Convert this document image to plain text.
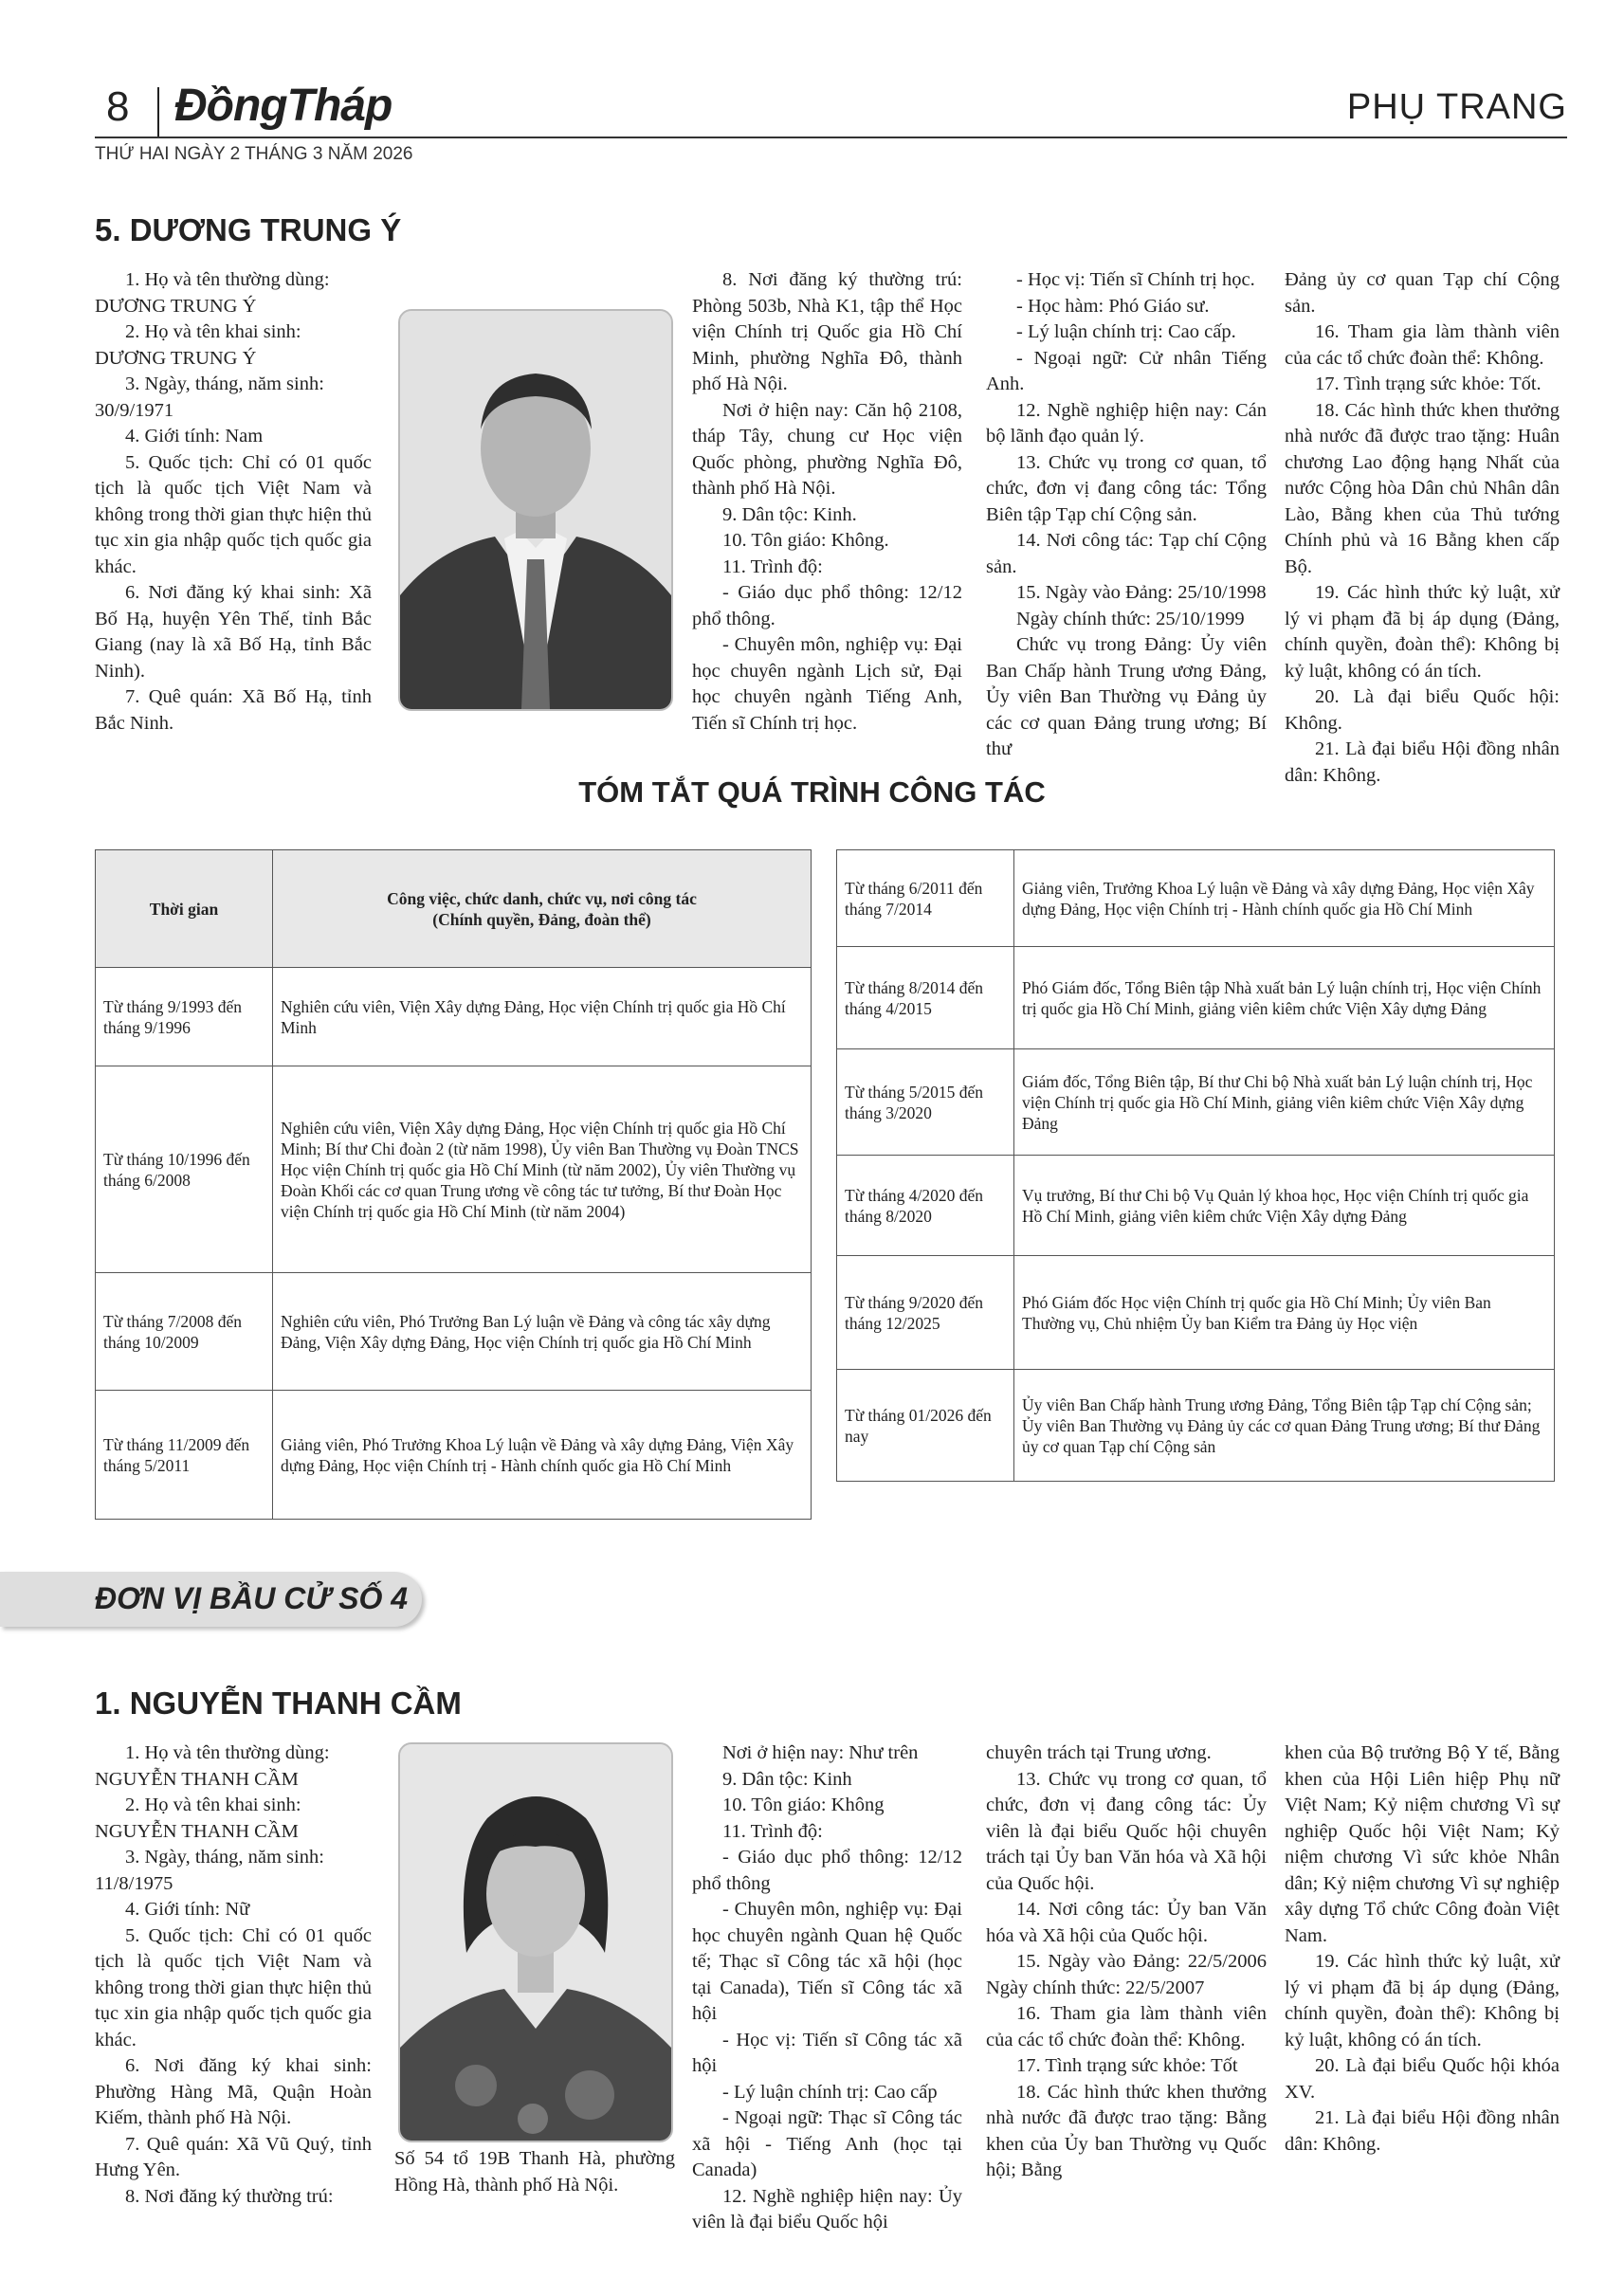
8 ĐồngTháp	PHỤ TRANG
THỨ HAI NGÀY 2 THÁNG 3 NĂM 2026
5. DƯƠNG TRUNG Ý

1. Họ và tên thường dùng:

DƯƠNG TRUNG Ý

2. Họ và tên khai sinh:

DƯƠNG TRUNG Ý

3. Ngày, tháng, năm sinh:

30/9/1971

4. Giới tính: Nam

5. Quốc tịch: Chỉ có 01 quốc tịch là quốc tịch Việt Nam và không trong thời gian thực hiện thủ tục xin gia nhập quốc tịch quốc gia khác.

6. Nơi đăng ký khai sinh: Xã Bố Hạ, huyện Yên Thế, tỉnh Bắc Giang (nay là xã Bố Hạ, tỉnh Bắc Ninh).

7. Quê quán: Xã Bố Hạ, tỉnh Bắc Ninh.

8. Nơi đăng ký thường trú: Phòng 503b, Nhà K1, tập thể Học viện Chính trị Quốc gia Hồ Chí Minh, phường Nghĩa Đô, thành phố Hà Nội.

Nơi ở hiện nay: Căn hộ 2108, tháp Tây, chung cư Học viện Quốc phòng, phường Nghĩa Đô, thành phố Hà Nội.

9. Dân tộc: Kinh.

10. Tôn giáo: Không.

11. Trình độ:

- Giáo dục phổ thông: 12/12 phổ thông.

- Chuyên môn, nghiệp vụ: Đại học chuyên ngành Lịch sử, Đại học chuyên ngành Tiếng Anh, Tiến sĩ Chính trị học.

- Học vị: Tiến sĩ Chính trị học.

- Học hàm: Phó Giáo sư.

- Lý luận chính trị: Cao cấp.

- Ngoại ngữ: Cử nhân Tiếng Anh.

12. Nghề nghiệp hiện nay: Cán bộ lãnh đạo quản lý.

13. Chức vụ trong cơ quan, tổ chức, đơn vị đang công tác: Tổng Biên tập Tạp chí Cộng sản.

14. Nơi công tác: Tạp chí Cộng sản.

15. Ngày vào Đảng: 25/10/1998

Ngày chính thức: 25/10/1999

Chức vụ trong Đảng: Ủy viên Ban Chấp hành Trung ương Đảng, Ủy viên Ban Thường vụ Đảng ủy các cơ quan Đảng trung ương; Bí thư

Đảng ủy cơ quan Tạp chí Cộng sản.

16. Tham gia làm thành viên của các tổ chức đoàn thể: Không.

17. Tình trạng sức khỏe: Tốt.

18. Các hình thức khen thưởng nhà nước đã được trao tặng: Huân chương Lao động hạng Nhất của nước Cộng hòa Dân chủ Nhân dân Lào, Bằng khen của Thủ tướng Chính phủ và 16 Bằng khen cấp Bộ.

19. Các hình thức kỷ luật, xử lý vi phạm đã bị áp dụng (Đảng, chính quyền, đoàn thể): Không bị kỷ luật, không có án tích.

20. Là đại biểu Quốc hội: Không.

21. Là đại biểu Hội đồng nhân dân: Không.

TÓM TẮT QUÁ TRÌNH CÔNG TÁC
Thời gian	Công việc, chức danh, chức vụ, nơi công tác
(Chính quyền, Đảng, đoàn thể)

Từ tháng 9/1993 đến tháng 9/1996	Nghiên cứu viên, Viện Xây dựng Đảng, Học viện Chính trị quốc gia Hồ Chí Minh
Từ tháng 10/1996 đến tháng 6/2008	Nghiên cứu viên, Viện Xây dựng Đảng, Học viện Chính trị quốc gia Hồ Chí Minh; Bí thư Chi đoàn 2 (từ năm 1998), Ủy viên Ban Thường vụ Đoàn TNCS Học viện Chính trị quốc gia Hồ Chí Minh (từ năm 2002), Ủy viên Thường vụ Đoàn Khối các cơ quan Trung ương về công tác tư tưởng, Bí thư Đoàn Học viện Chính trị quốc gia Hồ Chí Minh (từ năm 2004)
Từ tháng 7/2008 đến tháng 10/2009	Nghiên cứu viên, Phó Trưởng Ban Lý luận về Đảng và công tác xây dựng Đảng, Viện Xây dựng Đảng, Học viện Chính trị quốc gia Hồ Chí Minh
Từ tháng 11/2009 đến tháng 5/2011	Giảng viên, Phó Trưởng Khoa Lý luận về Đảng và xây dựng Đảng, Viện Xây dựng Đảng, Học viện Chính trị - Hành chính quốc gia Hồ Chí Minh
Từ tháng 6/2011 đến tháng 7/2014	Giảng viên, Trưởng Khoa Lý luận về Đảng và xây dựng Đảng, Học viện Xây dựng Đảng, Học viện Chính trị - Hành chính quốc gia Hồ Chí Minh
Từ tháng 8/2014 đến tháng 4/2015	Phó Giám đốc, Tổng Biên tập Nhà xuất bản Lý luận chính trị, Học viện Chính trị quốc gia Hồ Chí Minh, giảng viên kiêm chức Viện Xây dựng Đảng
Từ tháng 5/2015 đến tháng 3/2020	Giám đốc, Tổng Biên tập, Bí thư Chi bộ Nhà xuất bản Lý luận chính trị, Học viện Chính trị quốc gia Hồ Chí Minh, giảng viên kiêm chức Viện Xây dựng Đảng
Từ tháng 4/2020 đến tháng 8/2020	Vụ trưởng, Bí thư Chi bộ Vụ Quản lý khoa học, Học viện Chính trị quốc gia Hồ Chí Minh, giảng viên kiêm chức Viện Xây dựng Đảng
Từ tháng 9/2020 đến tháng 12/2025	Phó Giám đốc Học viện Chính trị quốc gia Hồ Chí Minh; Ủy viên Ban Thường vụ, Chủ nhiệm Ủy ban Kiểm tra Đảng ủy Học viện
Từ tháng 01/2026 đến nay	Ủy viên Ban Chấp hành Trung ương Đảng, Tổng Biên tập Tạp chí Cộng sản; Ủy viên Ban Thường vụ Đảng ủy các cơ quan Đảng Trung ương; Bí thư Đảng ủy cơ quan Tạp chí Cộng sản
ĐƠN VỊ BẦU CỬ SỐ 4
1. NGUYỄN THANH CẦM

1. Họ và tên thường dùng:

NGUYỄN THANH CẦM

2. Họ và tên khai sinh:

NGUYỄN THANH CẦM

3. Ngày, tháng, năm sinh:

11/8/1975

4. Giới tính: Nữ

5. Quốc tịch: Chỉ có 01 quốc tịch là quốc tịch Việt Nam và không trong thời gian thực hiện thủ tục xin gia nhập quốc tịch quốc gia khác.

6. Nơi đăng ký khai sinh: Phường Hàng Mã, Quận Hoàn Kiếm, thành phố Hà Nội.

7. Quê quán: Xã Vũ Quý, tỉnh Hưng Yên.

8. Nơi đăng ký thường trú:

Số 54 tổ 19B Thanh Hà, phường Hồng Hà, thành phố Hà Nội.

Nơi ở hiện nay: Như trên

9. Dân tộc: Kinh

10. Tôn giáo: Không

11. Trình độ:

- Giáo dục phổ thông: 12/12 phổ thông

- Chuyên môn, nghiệp vụ: Đại học chuyên ngành Quan hệ Quốc tế; Thạc sĩ Công tác xã hội (học tại Canada), Tiến sĩ Công tác xã hội

- Học vị: Tiến sĩ Công tác xã hội

- Lý luận chính trị: Cao cấp

- Ngoại ngữ: Thạc sĩ Công tác xã hội - Tiếng Anh (học tại Canada)

12. Nghề nghiệp hiện nay: Ủy viên là đại biểu Quốc hội

chuyên trách tại Trung ương.

13. Chức vụ trong cơ quan, tổ chức, đơn vị đang công tác: Ủy viên là đại biểu Quốc hội chuyên trách tại Ủy ban Văn hóa và Xã hội của Quốc hội.

14. Nơi công tác: Ủy ban Văn hóa và Xã hội của Quốc hội.

15. Ngày vào Đảng: 22/5/2006 Ngày chính thức: 22/5/2007

16. Tham gia làm thành viên của các tổ chức đoàn thể: Không.

17. Tình trạng sức khỏe: Tốt

18. Các hình thức khen thưởng nhà nước đã được trao tặng: Bằng khen của Ủy ban Thường vụ Quốc hội; Bằng

khen của Bộ trưởng Bộ Y tế, Bằng khen của Hội Liên hiệp Phụ nữ Việt Nam; Kỷ niệm chương Vì sự nghiệp Quốc hội Việt Nam; Kỷ niệm chương Vì sức khỏe Nhân dân; Kỷ niệm chương Vì sự nghiệp xây dựng Tổ chức Công đoàn Việt Nam.

19. Các hình thức kỷ luật, xử lý vi phạm đã bị áp dụng (Đảng, chính quyền, đoàn thể): Không bị kỷ luật, không có án tích.

20. Là đại biểu Quốc hội khóa XV.

21. Là đại biểu Hội đồng nhân dân: Không.
